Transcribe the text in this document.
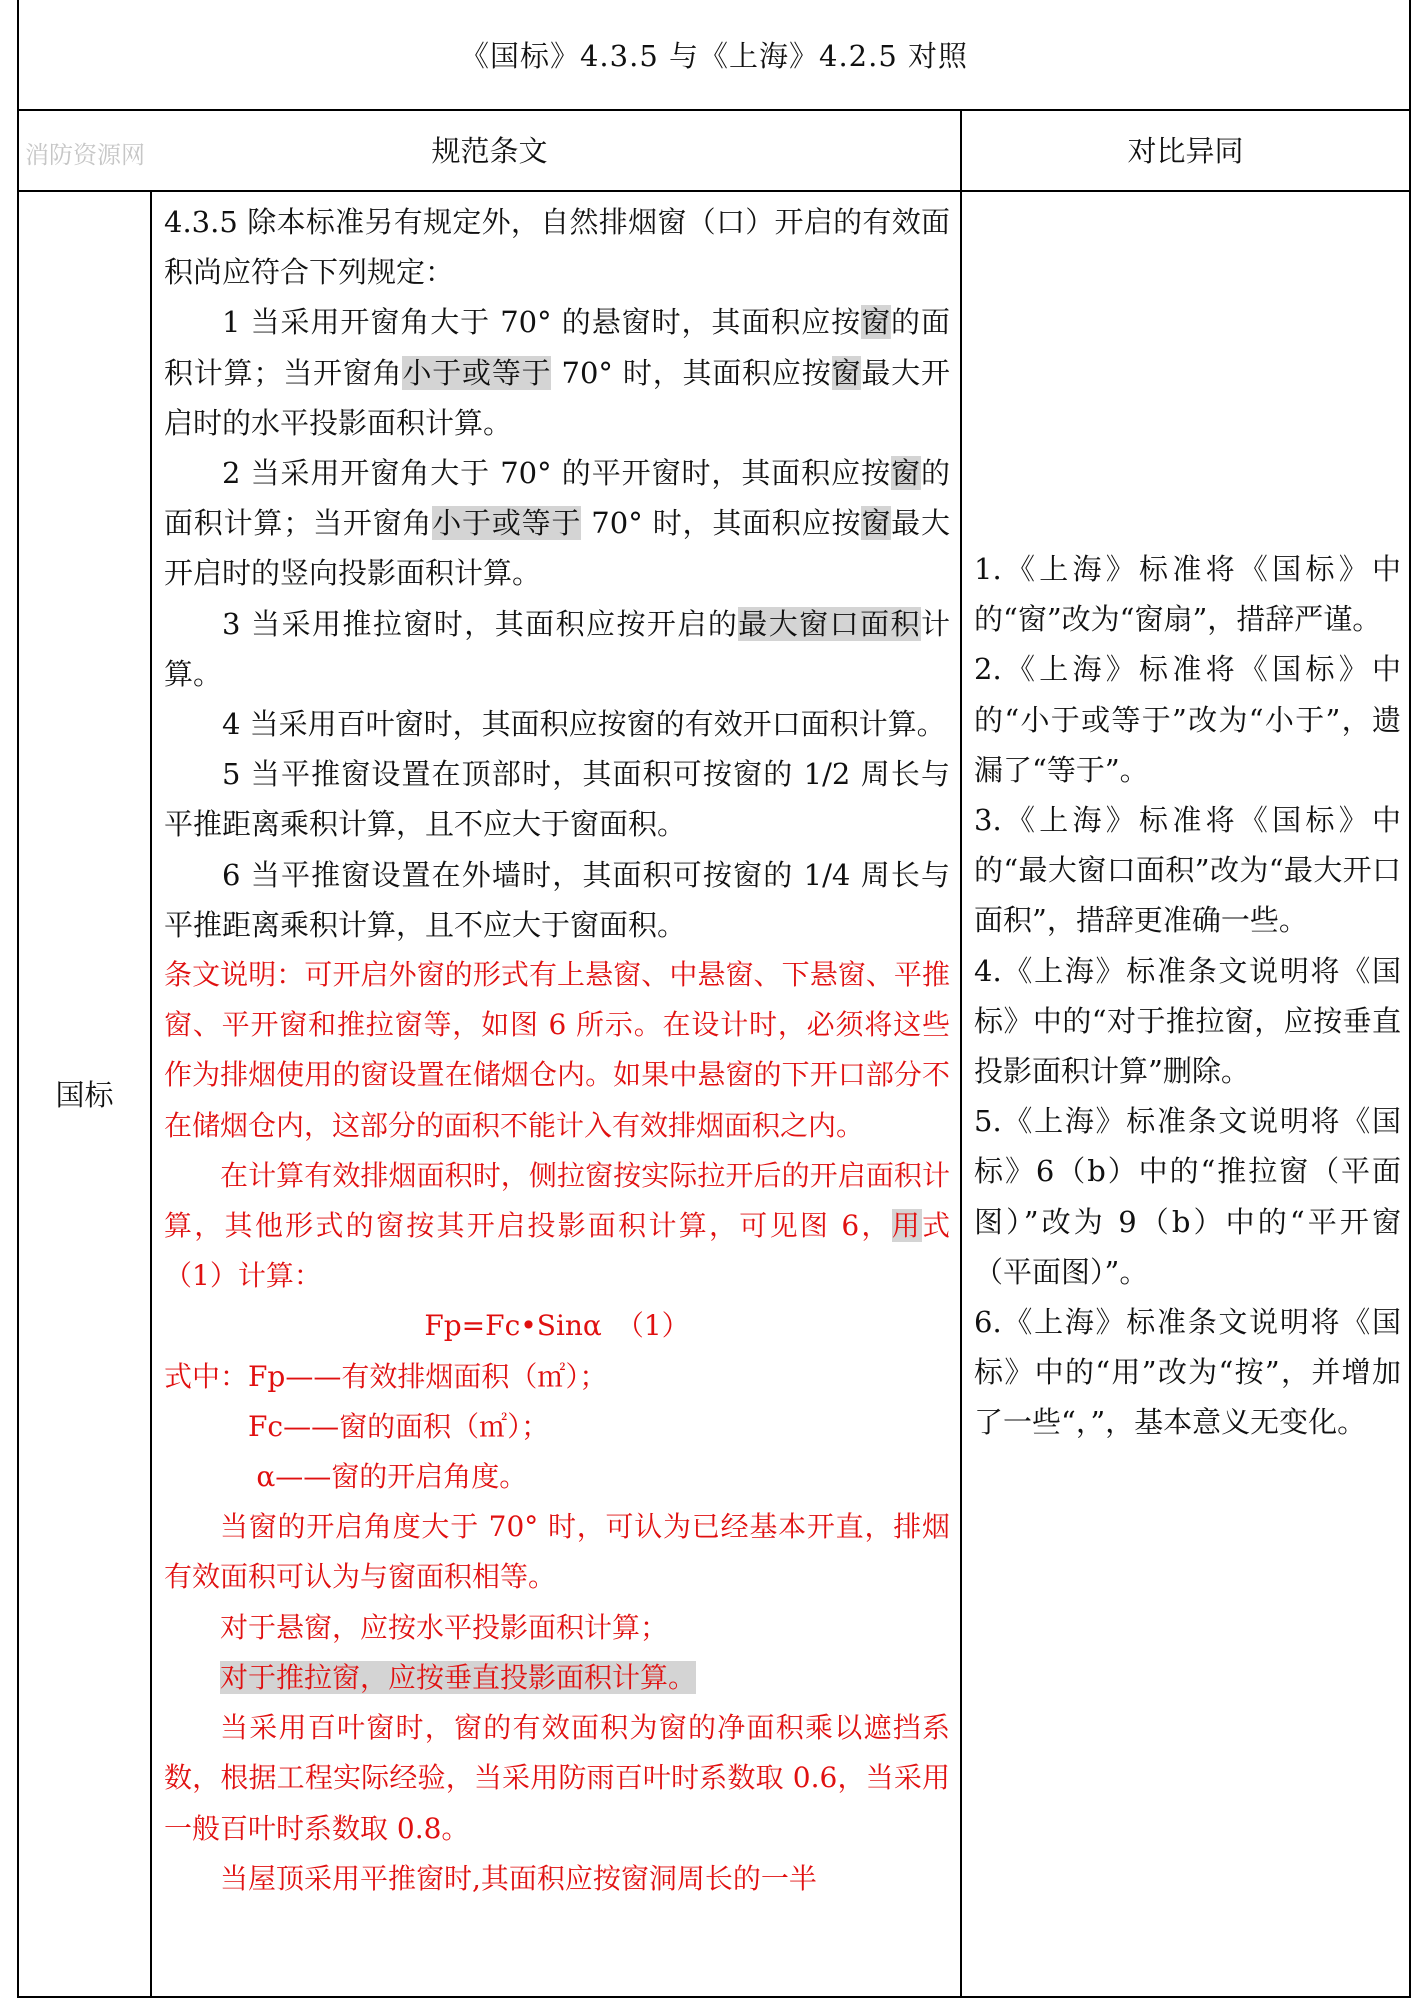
《国标》4.3.5 与《上海》4.2.5 对照
消防资源网	规范条文	对比异同
国标

4.3.5 除本标准另有规定外，自然排烟窗（口）开启的有效面积尚应符合下列规定：

1 当采用开窗角大于 70° 的悬窗时，其面积应按窗的面积计算；当开窗角小于或等于 70° 时，其面积应按窗最大开启时的水平投影面积计算。

2 当采用开窗角大于 70° 的平开窗时，其面积应按窗的面积计算；当开窗角小于或等于 70° 时，其面积应按窗最大开启时的竖向投影面积计算。

3 当采用推拉窗时，其面积应按开启的最大窗口面积计算。

4 当采用百叶窗时，其面积应按窗的有效开口面积计算。

5 当平推窗设置在顶部时，其面积可按窗的 1/2 周长与平推距离乘积计算，且不应大于窗面积。

6 当平推窗设置在外墙时，其面积可按窗的 1/4 周长与平推距离乘积计算，且不应大于窗面积。

条文说明：可开启外窗的形式有上悬窗、中悬窗、下悬窗、平推窗、平开窗和推拉窗等，如图 6 所示。在设计时，必须将这些作为排烟使用的窗设置在储烟仓内。如果中悬窗的下开口部分不在储烟仓内，这部分的面积不能计入有效排烟面积之内。

在计算有效排烟面积时，侧拉窗按实际拉开后的开启面积计算，其他形式的窗按其开启投影面积计算，可见图 6，用式（1）计算：

Fp=Fc•Sinα　（1）

式中：Fp——有效排烟面积（㎡）；

Fc——窗的面积（㎡）；

α——窗的开启角度。

当窗的开启角度大于 70° 时，可认为已经基本开直，排烟有效面积可认为与窗面积相等。

对于悬窗，应按水平投影面积计算；

对于推拉窗，应按垂直投影面积计算。

当采用百叶窗时，窗的有效面积为窗的净面积乘以遮挡系数，根据工程实际经验，当采用防雨百叶时系数取 0.6，当采用一般百叶时系数取 0.8。

当屋顶采用平推窗时,其面积应按窗洞周长的一半

1.《上海》标准将《国标》中的“窗”改为“窗扇”，措辞严谨。

2.《上海》标准将《国标》中的“小于或等于”改为“小于”，遗漏了“等于”。

3.《上海》标准将《国标》中的“最大窗口面积”改为“最大开口面积”，措辞更准确一些。

4.《上海》标准条文说明将《国标》中的“对于推拉窗，应按垂直投影面积计算”删除。

5.《上海》标准条文说明将《国标》6（b）中的“推拉窗（平面图）”改为 9（b）中的“平开窗（平面图）”。

6.《上海》标准条文说明将《国标》中的“用”改为“按”，并增加了一些“，”，基本意义无变化。
